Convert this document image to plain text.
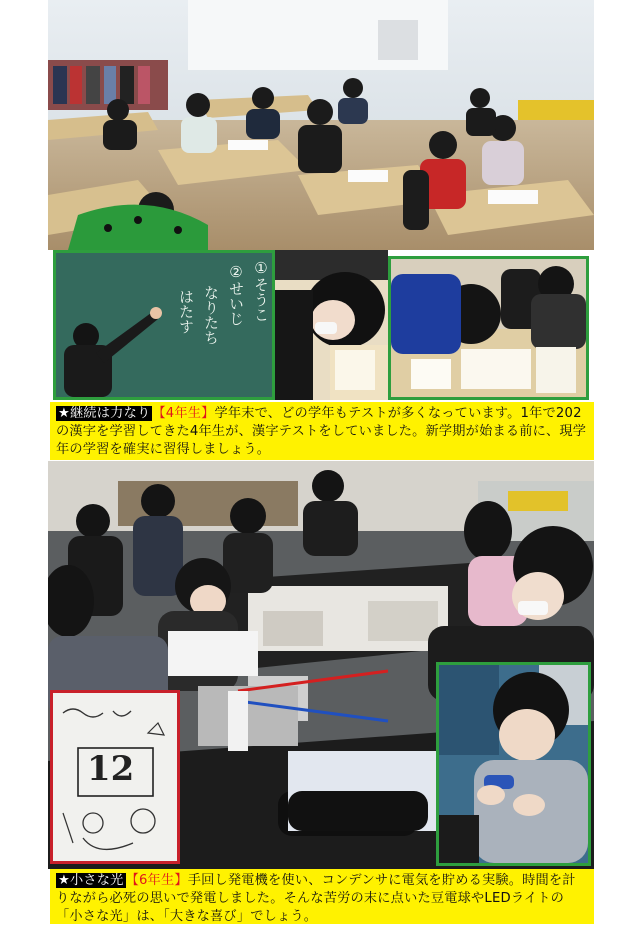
①そうこ
②せいじ
なりたち
はたす
★継続は力なり 【4年生】学年末で、どの学年もテストが多くなっています。1年で202の漢字を学習してきた4年生が、漢字テストをしていました。新学期が始まる前に、現学年の学習を確実に習得しましょう。
12
★小さな光 【6年生】手回し発電機を使い、コンデンサに電気を貯める実験。時間を計りながら必死の思いで発電しました。そんな苦労の末に点いた豆電球やLEDライトの「小さな光」は、「大きな喜び」でしょう。
